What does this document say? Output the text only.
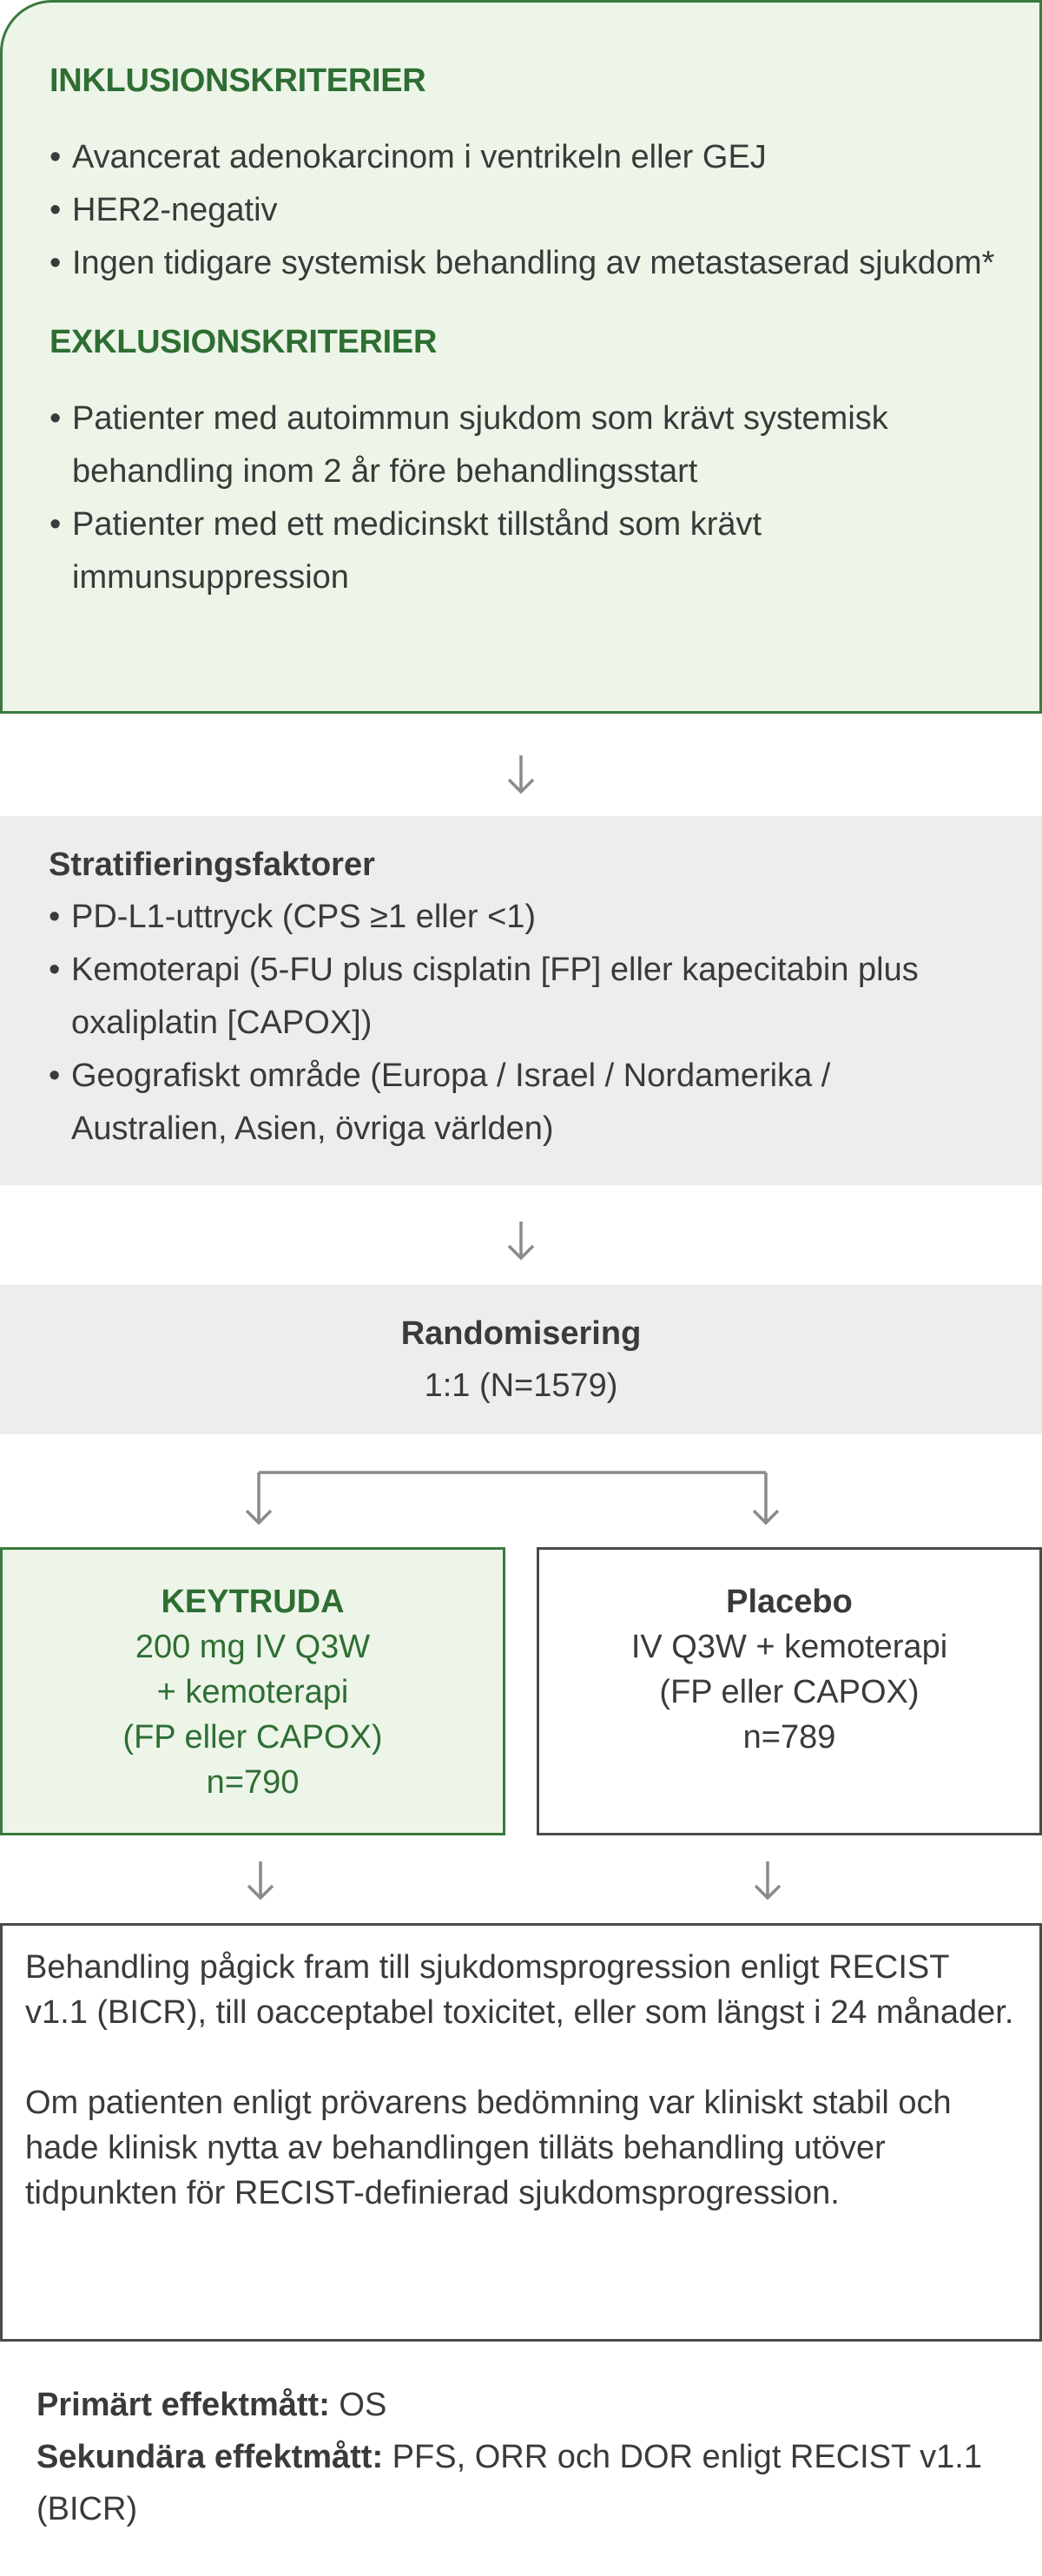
INKLUSIONSKRITERIER
• Avancerat adenokarcinom i ventrikeln eller GEJ
• HER2-negativ
• Ingen tidigare systemisk behandling av metastaserad sjukdom*
EXKLUSIONSKRITERIER
• Patienter med autoimmun sjukdom som krävt systemisk behandling inom 2 år före behandlingsstart
• Patienter med ett medicinskt tillstånd som krävt immunsuppression
Stratifieringsfaktorer
• PD-L1-uttryck (CPS ≥1 eller <1)
• Kemoterapi (5-FU plus cisplatin [FP] eller kapecitabin plus oxaliplatin [CAPOX])
• Geografiskt område (Europa / Israel / Nordamerika / Australien, Asien, övriga världen)
Randomisering
1:1 (N=1579)
KEYTRUDA
200 mg IV Q3W
+ kemoterapi
(FP eller CAPOX)
n=790
Placebo
IV Q3W + kemoterapi
(FP eller CAPOX)
n=789

Behandling pågick fram till sjukdomsprogression enligt RECIST v1.1 (BICR), till oacceptabel toxicitet, eller som längst i 24 månader.

Om patienten enligt prövarens bedömning var kliniskt stabil och hade klinisk nytta av behandlingen tilläts behandling utöver tidpunkten för RECIST-definierad sjukdomsprogression.

Primärt effektmått: OS
Sekundära effektmått: PFS, ORR och DOR enligt RECIST v1.1 (BICR)
